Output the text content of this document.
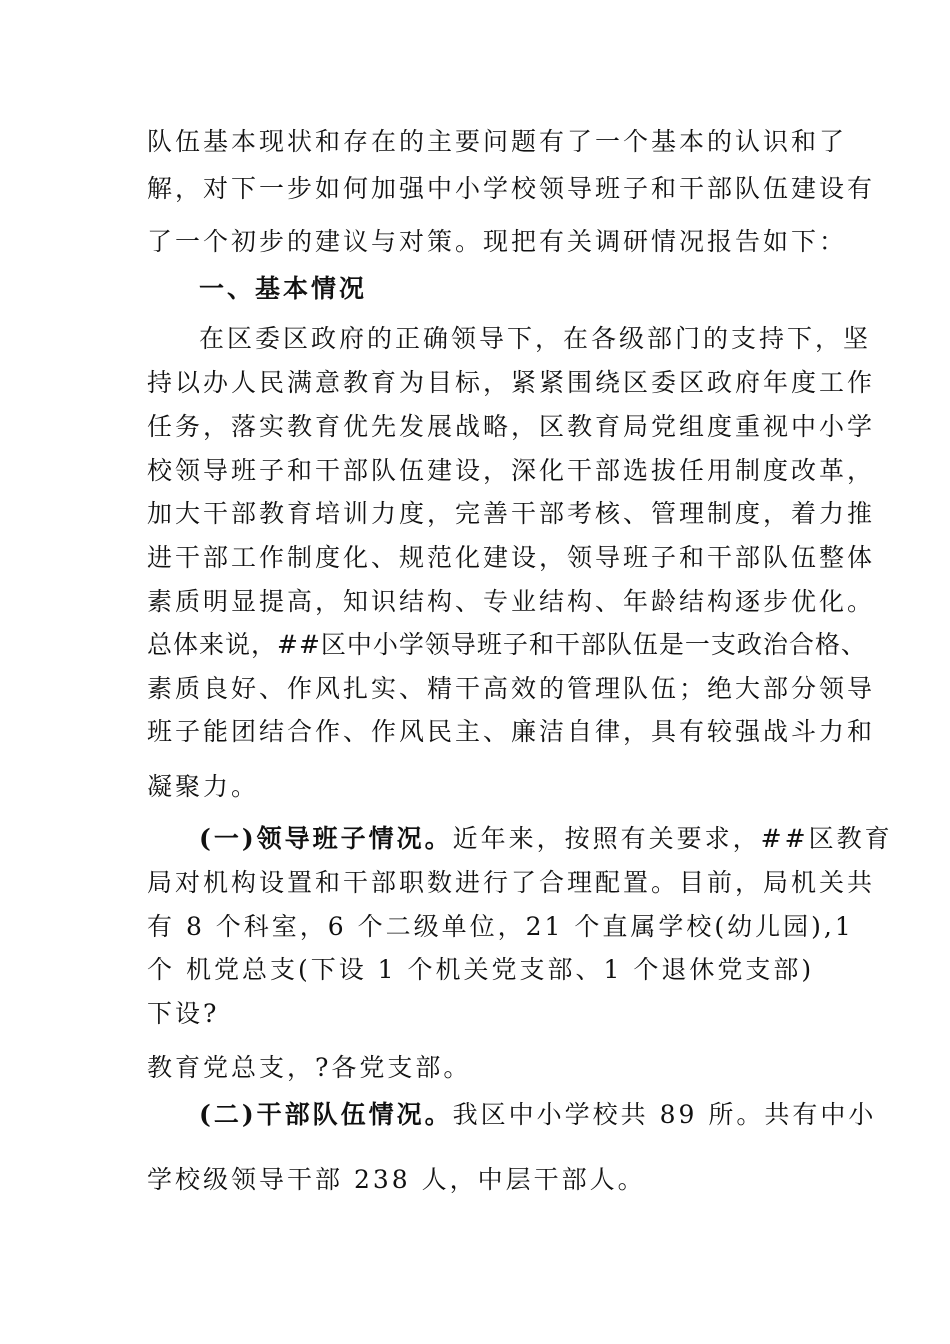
队伍基本现状和存在的主要问题有了一个基本的认识和了
解，对下一步如何加强中小学校领导班子和干部队伍建设有
了一个初步的建议与对策。现把有关调研情况报告如下：
一、基本情况
在区委区政府的正确领导下，在各级部门的支持下，坚
持以办人民满意教育为目标，紧紧围绕区委区政府年度工作
任务，落实教育优先发展战略，区教育局党组度重视中小学
校领导班子和干部队伍建设，深化干部选拔任用制度改革，
加大干部教育培训力度，完善干部考核、管理制度，着力推
进干部工作制度化、规范化建设，领导班子和干部队伍整体
素质明显提高，知识结构、专业结构、年龄结构逐步优化。
总体来说，##区中小学领导班子和干部队伍是一支政治合格、
素质良好、作风扎实、精干高效的管理队伍；绝大部分领导
班子能团结合作、作风民主、廉洁自律，具有较强战斗力和
凝聚力。
(一)领导班子情况。近年来，按照有关要求，##区教育
局对机构设置和干部职数进行了合理配置。目前，局机关共
有 8 个科室，6 个二级单位，21 个直属学校(幼儿园),1
个 机党总支(下设 1 个机关党支部、1 个退休党支部)
下设?
教育党总支，?各党支部。
(二)干部队伍情况。我区中小学校共 89 所。共有中小
学校级领导干部 238 人，中层干部人。
